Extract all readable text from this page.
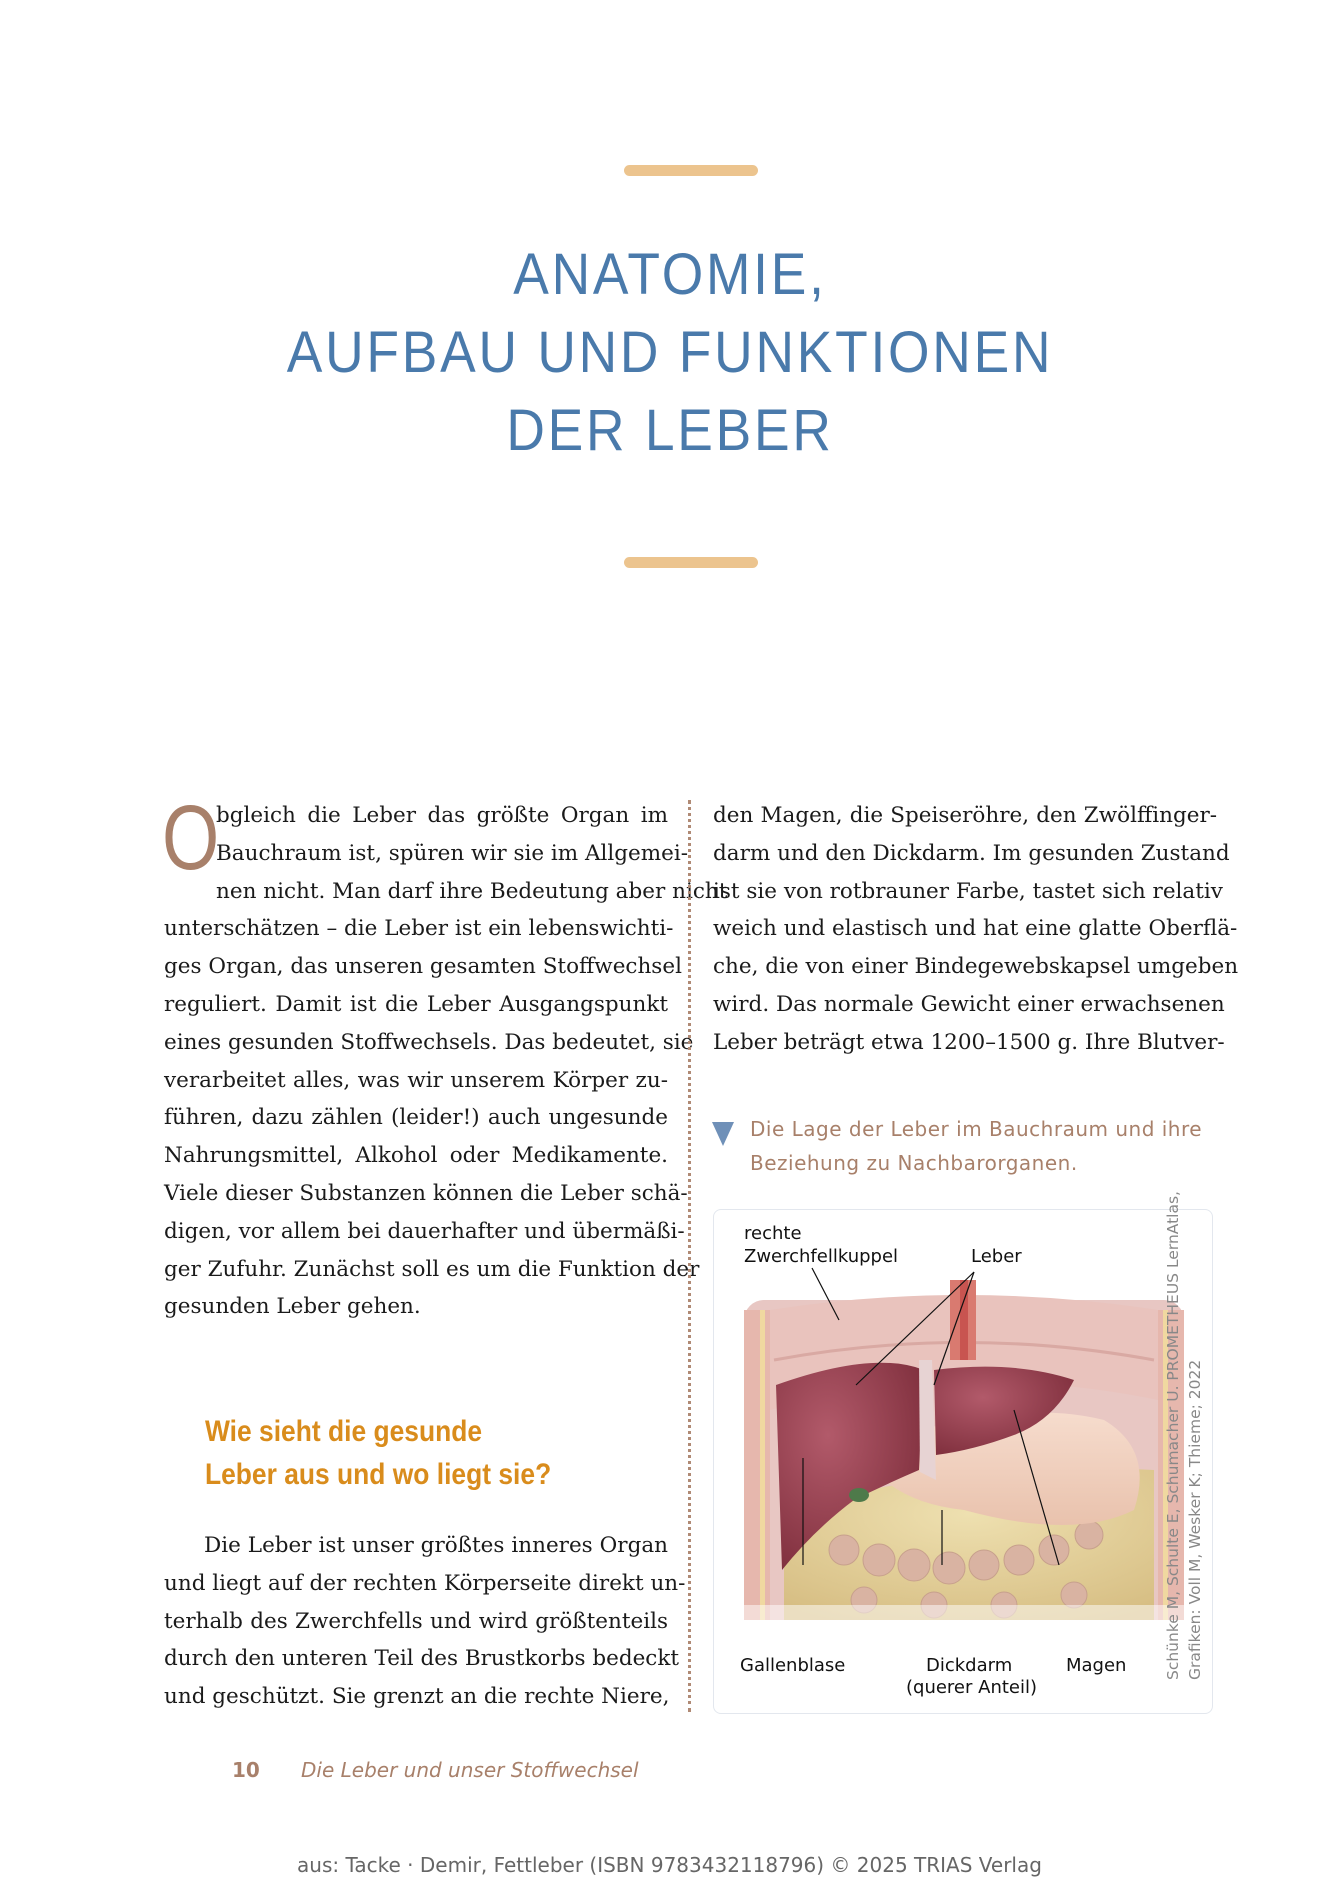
ANATOMIE,
AUFBAU UND FUNKTIONEN
DER LEBER
O
bgleich die Leber das größte Organ im
Bauchraum ist, spüren wir sie im Allgemei-
nen nicht. Man darf ihre Bedeutung aber nicht
unterschätzen – die Leber ist ein lebenswichti-
ges Organ, das unseren gesamten Stoffwechsel
reguliert. Damit ist die Leber Ausgangspunkt
eines gesunden Stoffwechsels. Das bedeutet, sie
verarbeitet alles, was wir unserem Körper zu-
führen, dazu zählen (leider!) auch ungesunde
Nahrungsmittel, Alkohol oder Medikamente.
Viele dieser Substanzen können die Leber schä-
digen, vor allem bei dauerhafter und übermäßi-
ger Zufuhr. Zunächst soll es um die Funktion der
gesunden Leber gehen.
Wie sieht die gesunde
Leber aus und wo liegt sie?
Die Leber ist unser größtes inneres Organ
und liegt auf der rechten Körperseite direkt un-
terhalb des Zwerchfells und wird größtenteils
durch den unteren Teil des Brustkorbs bedeckt
und geschützt. Sie grenzt an die rechte Niere,
den Magen, die Speiseröhre, den Zwölffinger-
darm und den Dickdarm. Im gesunden Zustand
ist sie von rotbrauner Farbe, tastet sich relativ
weich und elastisch und hat eine glatte Oberflä-
che, die von einer Bindegewebskapsel umgeben
wird. Das normale Gewicht einer erwachsenen
Leber beträgt etwa 1200–1500 g. Ihre Blutver-
Die Lage der Leber im Bauchraum und ihre
Beziehung zu Nachbarorganen.
rechte
Zwerchfellkuppel	Leber
Gallenblase	Dickdarm
(querer Anteil)
Magen Schünke M, Schulte E, Schumacher U. PROMETHEUS LernAtlas, Grafiken: Voll M, Wesker K; Thieme; 2022
10 Die Leber und unser Stoffwechsel
aus: Tacke · Demir, Fettleber (ISBN 9783432118796) © 2025 TRIAS Verlag
